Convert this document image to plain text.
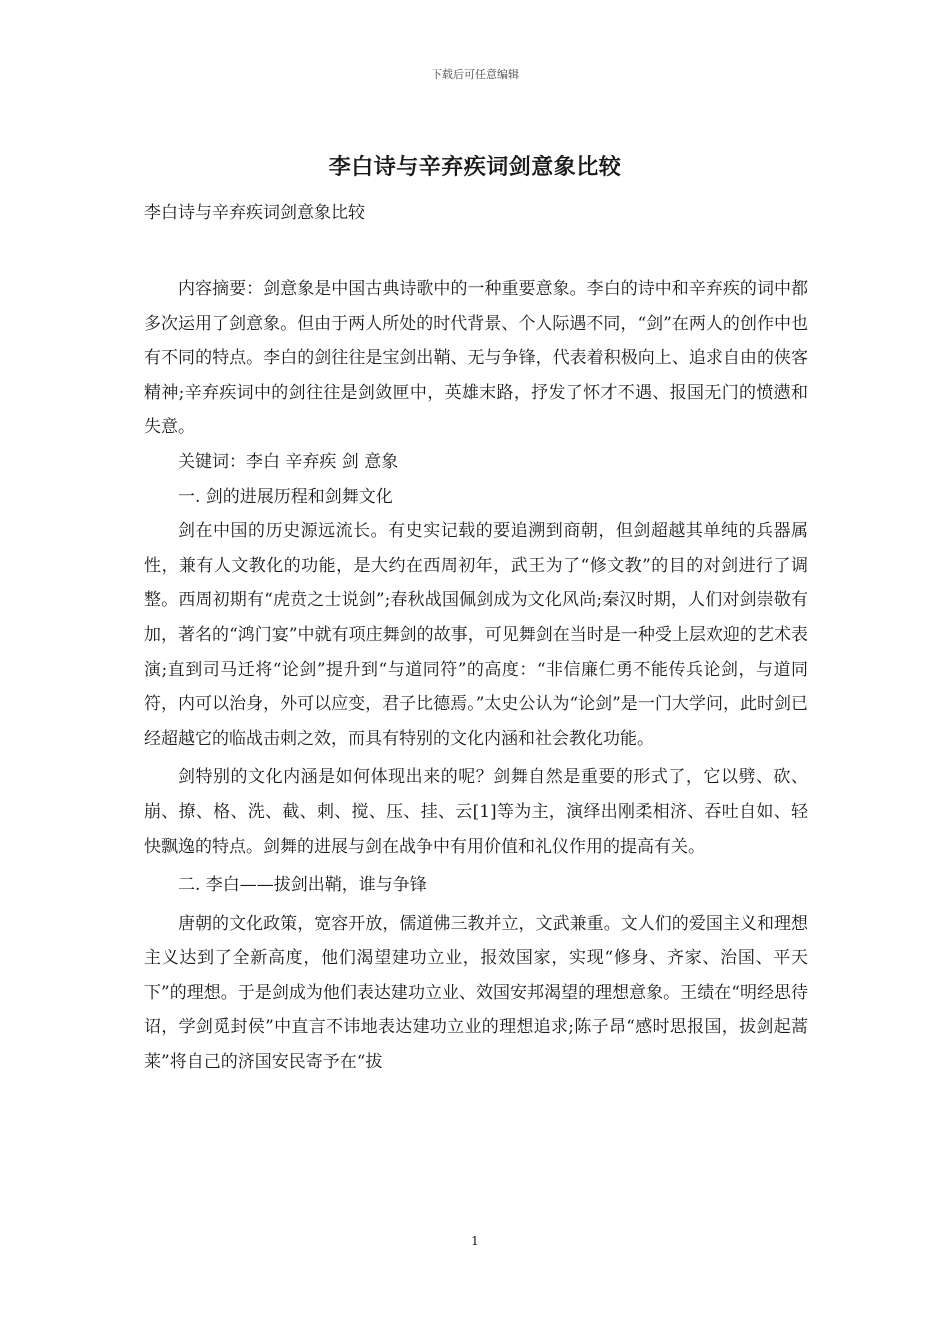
下载后可任意编辑
李白诗与辛弃疾词剑意象比较

李白诗与辛弃疾词剑意象比较

内容摘要：剑意象是中国古典诗歌中的一种重要意象。李白的诗中和辛弃疾的词中都多次运用了剑意象。但由于两人所处的时代背景、个人际遇不同，“剑”在两人的创作中也有不同的特点。李白的剑往往是宝剑出鞘、无与争锋，代表着积极向上、追求自由的侠客精神;辛弃疾词中的剑往往是剑敛匣中，英雄末路，抒发了怀才不遇、报国无门的愤懑和失意。

关键词：李白 辛弃疾 剑 意象

一. 剑的进展历程和剑舞文化

剑在中国的历史源远流长。有史实记载的要追溯到商朝，但剑超越其单纯的兵器属性，兼有人文教化的功能，是大约在西周初年，武王为了“修文教”的目的对剑进行了调整。西周初期有“虎贲之士说剑”;春秋战国佩剑成为文化风尚;秦汉时期，人们对剑崇敬有加，著名的“鸿门宴”中就有项庄舞剑的故事，可见舞剑在当时是一种受上层欢迎的艺术表演;直到司马迁将“论剑”提升到“与道同符”的高度：“非信廉仁勇不能传兵论剑，与道同符，内可以治身，外可以应变，君子比德焉。”太史公认为“论剑”是一门大学问，此时剑已经超越它的临战击刺之效，而具有特别的文化内涵和社会教化功能。

剑特别的文化内涵是如何体现出来的呢？剑舞自然是重要的形式了，它以劈、砍、崩、撩、格、洗、截、刺、搅、压、挂、云[1]等为主，演绎出刚柔相济、吞吐自如、轻快飘逸的特点。剑舞的进展与剑在战争中有用价值和礼仪作用的提高有关。

二. 李白——拔剑出鞘，谁与争锋

唐朝的文化政策，宽容开放，儒道佛三教并立，文武兼重。文人们的爱国主义和理想主义达到了全新高度，他们渴望建功立业，报效国家，实现“修身、齐家、治国、平天下”的理想。于是剑成为他们表达建功立业、效国安邦渴望的理想意象。王绩在“明经思待诏，学剑觅封侯”中直言不讳地表达建功立业的理想追求;陈子昂“感时思报国，拔剑起蒿莱”将自己的济国安民寄予在“拔

1
